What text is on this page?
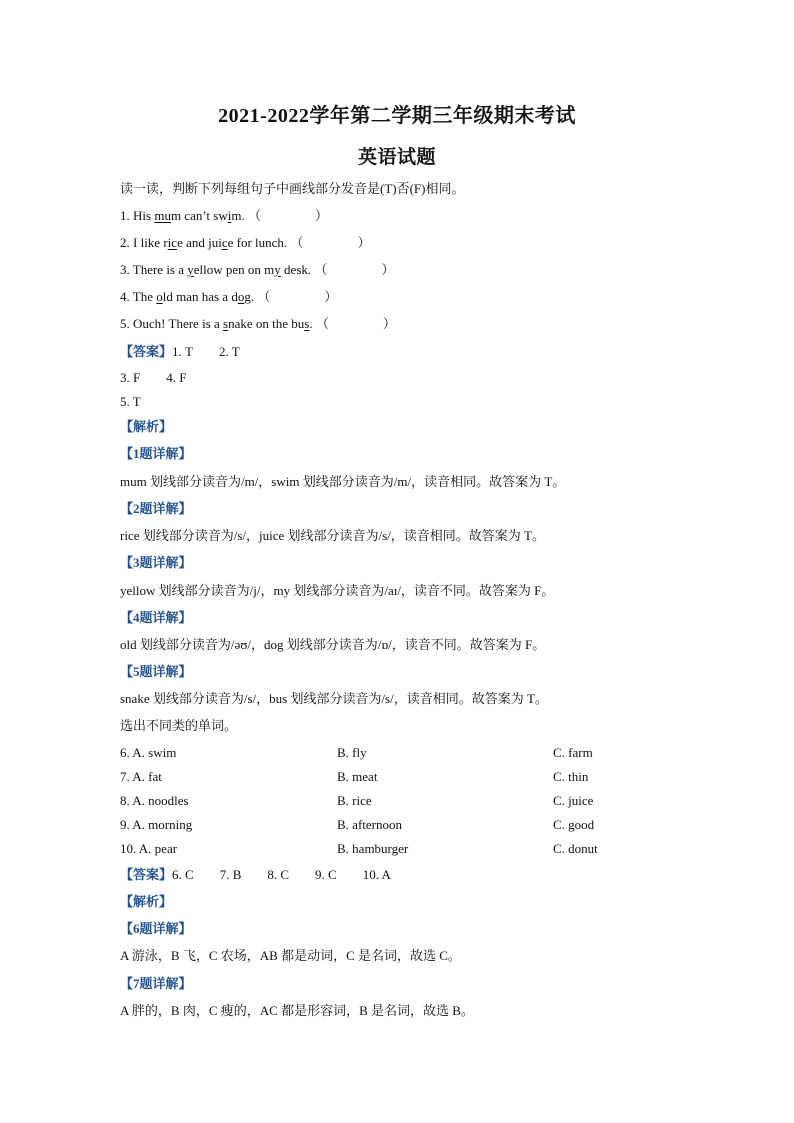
2021-2022学年第二学期三年级期末考试
英语试题
读一读，判断下列每组句子中画线部分发音是(T)否(F)相同。
1. His mum can’t swim. （	）
2. I like rice and juice for lunch. （	）
3. There is a yellow pen on my desk. （	）
4. The old man has a dog. （	）
5. Ouch! There is a snake on the bus. （	）
【答案】1. T 2. T
3. F 4. F
5. T
【解析】
【1题详解】
mum 划线部分读音为/m/，swim 划线部分读音为/m/，读音相同。故答案为 T。
【2题详解】
rice 划线部分读音为/s/，juice 划线部分读音为/s/，读音相同。故答案为 T。
【3题详解】
yellow 划线部分读音为/j/，my 划线部分读音为/aɪ/，读音不同。故答案为 F。
【4题详解】
old 划线部分读音为/əʊ/，dog 划线部分读音为/ɒ/，读音不同。故答案为 F。
【5题详解】
snake 划线部分读音为/s/，bus 划线部分读音为/s/，读音相同。故答案为 T。
选出不同类的单词。
6. A. swim	B. fly	C. farm
7. A. fat	B. meat	C. thin
8. A. noodles	B. rice	C. juice
9. A. morning	B. afternoon	C. good
10. A. pear	B. hamburger	C. donut
【答案】6. C 7. B 8. C 9. C 10. A
【解析】
【6题详解】
A 游泳，B 飞，C 农场，AB 都是动词，C 是名词，故选 C。
【7题详解】
A 胖的，B 肉，C 瘦的，AC 都是形容词，B 是名词，故选 B。
